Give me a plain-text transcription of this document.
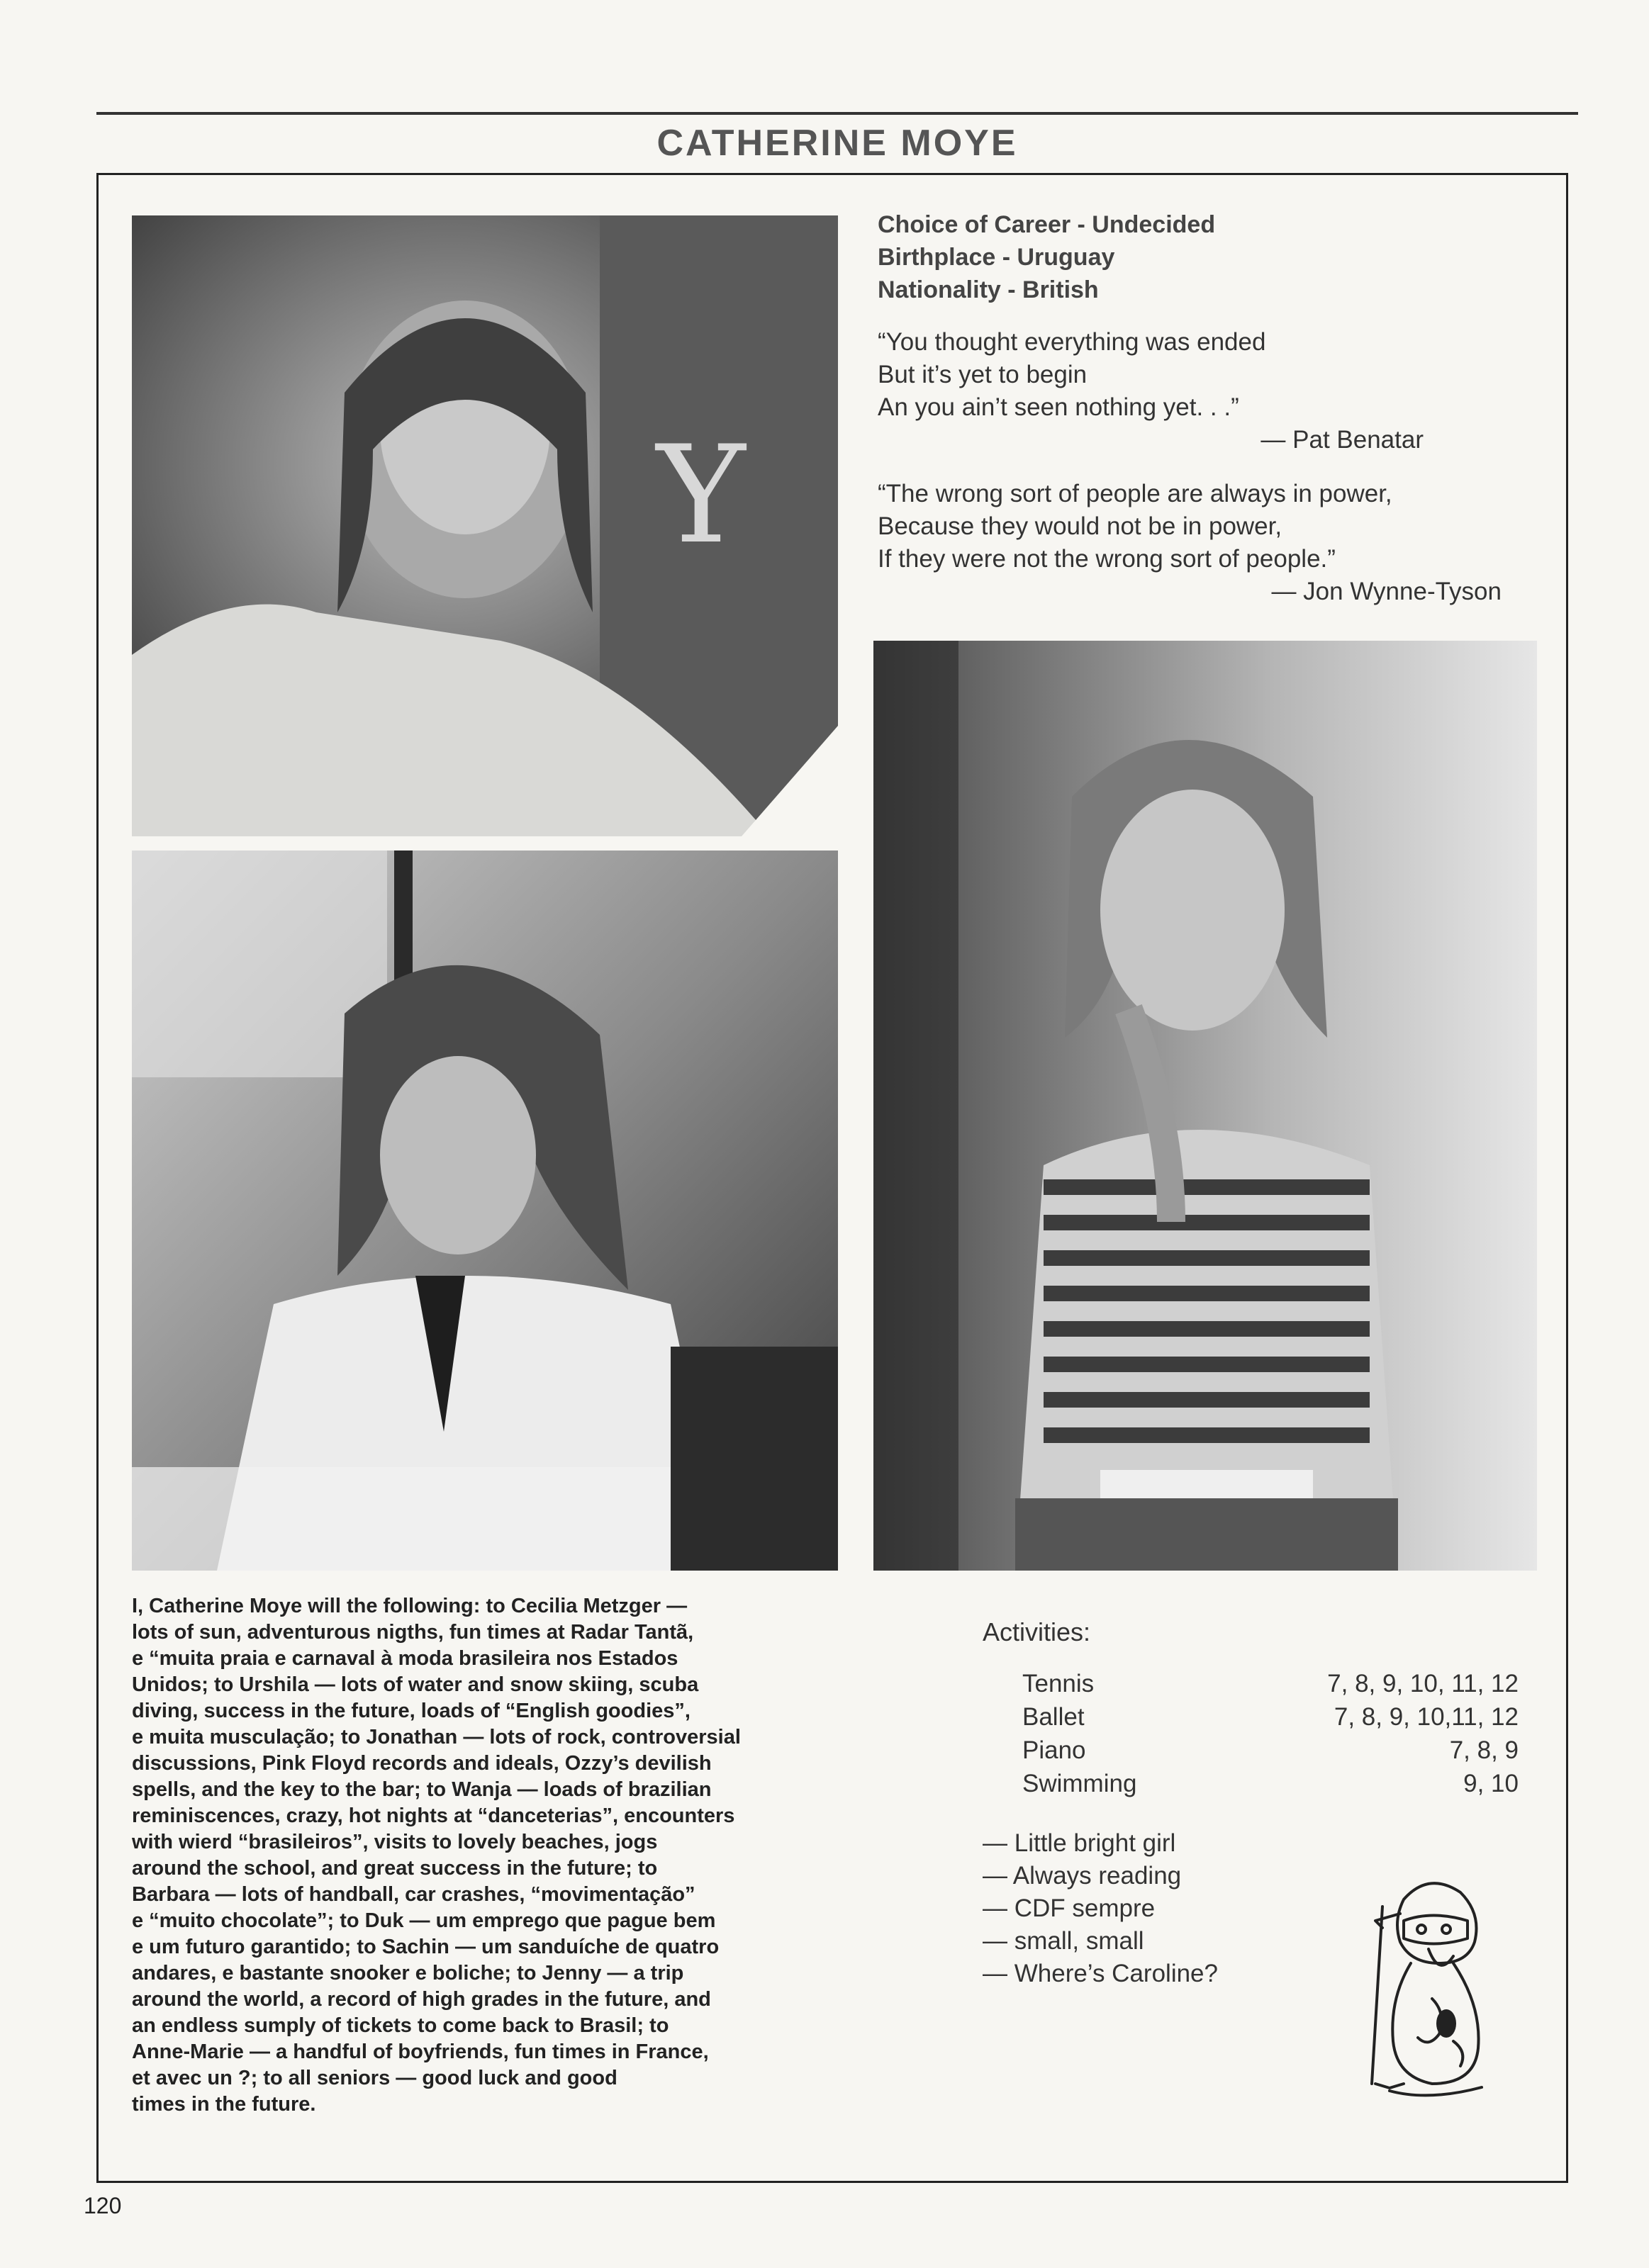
CATHERINE MOYE
Y
Choice of Career - Undecided
Birthplace - Uruguay
Nationality - British
“You thought everything was ended
But it’s yet to begin
An you ain’t seen nothing yet. . .”
— Pat Benatar
“The wrong sort of people are always in power,
Because they would not be in power,
If they were not the wrong sort of people.”
— Jon Wynne-Tyson
I, Catherine Moye will the following: to Cecilia Metzger —
lots of sun, adventurous nigths, fun times at Radar Tantã,
e “muita praia e carnaval à moda brasileira nos Estados
Unidos; to Urshila — lots of water and snow skiing, scuba
diving, success in the future, loads of “English goodies”,
e muita musculação; to Jonathan — lots of rock, controversial
discussions, Pink Floyd records and ideals, Ozzy’s devilish
spells, and the key to the bar; to Wanja — loads of brazilian
reminiscences, crazy, hot nights at “danceterias”, encounters
with wierd “brasileiros”, visits to lovely beaches, jogs
around the school, and great success in the future; to
Barbara — lots of handball, car crashes, “movimentação”
e “muito chocolate”; to Duk — um emprego que pague bem
e um futuro garantido; to Sachin — um sanduíche de quatro
andares, e bastante snooker e boliche; to Jenny — a trip
around the world, a record of high grades in the future, and
an endless sumply of tickets to come back to Brasil; to
Anne-Marie — a handful of boyfriends, fun times in France,
et avec un ?; to all seniors — good luck and good
times in the future.
Activities:
Tennis	7, 8, 9, 10, 11, 12
Ballet	7, 8, 9, 10,11, 12
Piano	7, 8, 9
Swimming	9, 10
— Little bright girl
— Always reading
— CDF sempre
— small, small
— Where’s Caroline?
120
